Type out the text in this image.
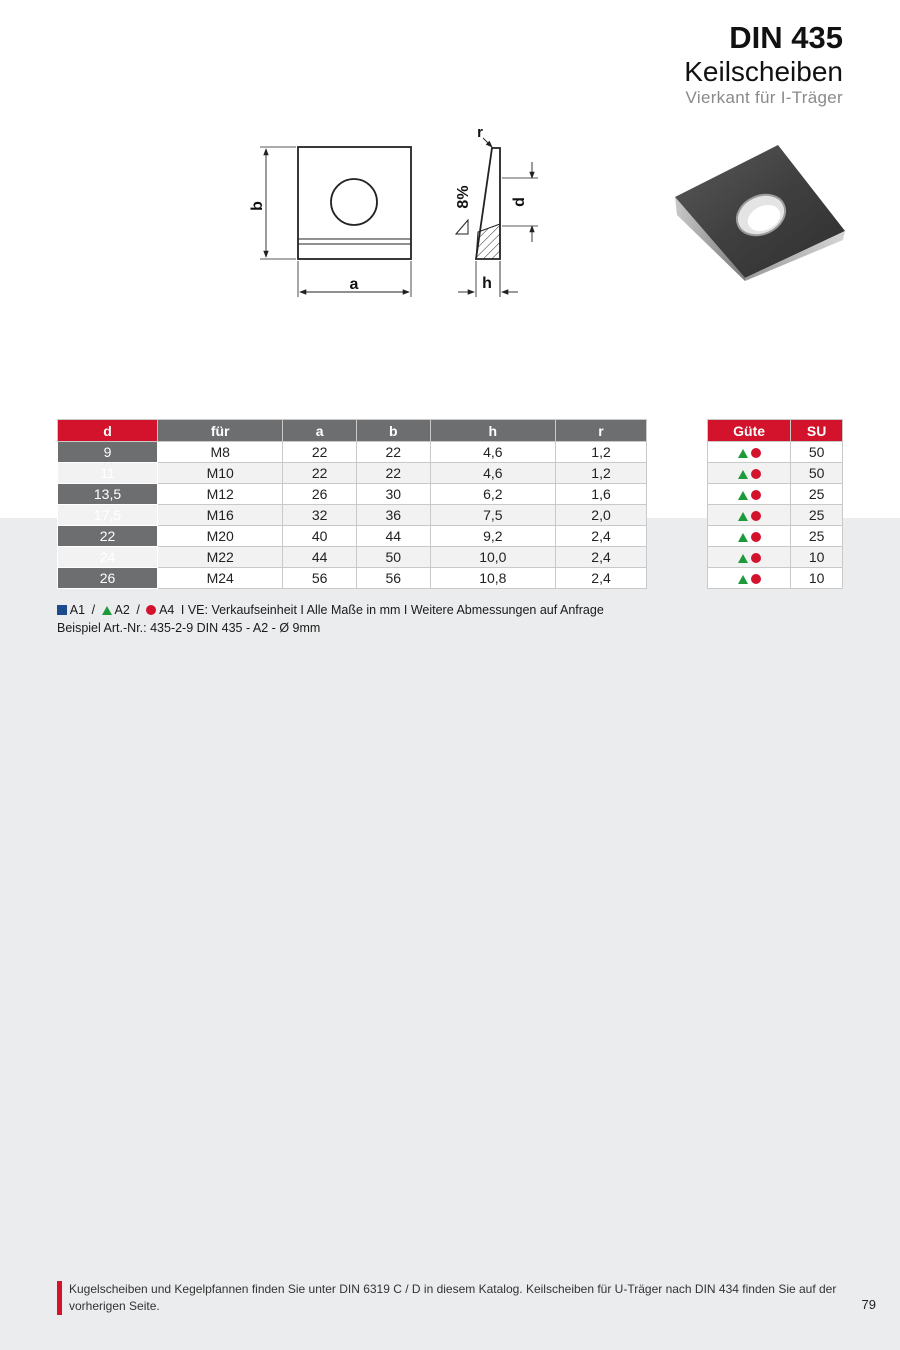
DIN 435
Keilscheiben
Vierkant für I-Träger
b
a
d
h
r
8%
d	für	a	b	h	r
9	M8	22	22	4,6	1,2
11	M10	22	22	4,6	1,2
13,5	M12	26	30	6,2	1,6
17,5	M16	32	36	7,5	2,0
22	M20	40	44	9,2	2,4
24	M22	44	50	10,0	2,4
26	M24	56	56	10,8	2,4
Güte	SU
	50
	50
	25
	25
	25
	10
	10
A1 / A2 / A4 I VE: Verkaufseinheit I Alle Maße in mm I Weitere Abmessungen auf Anfrage
Beispiel Art.-Nr.: 435-2-9 DIN 435 - A2 - Ø 9mm
Kugelscheiben und Kegelpfannen finden Sie unter DIN 6319 C / D in diesem Katalog. Keilscheiben für U-Träger nach DIN 434 finden Sie auf der vorherigen Seite.	79
